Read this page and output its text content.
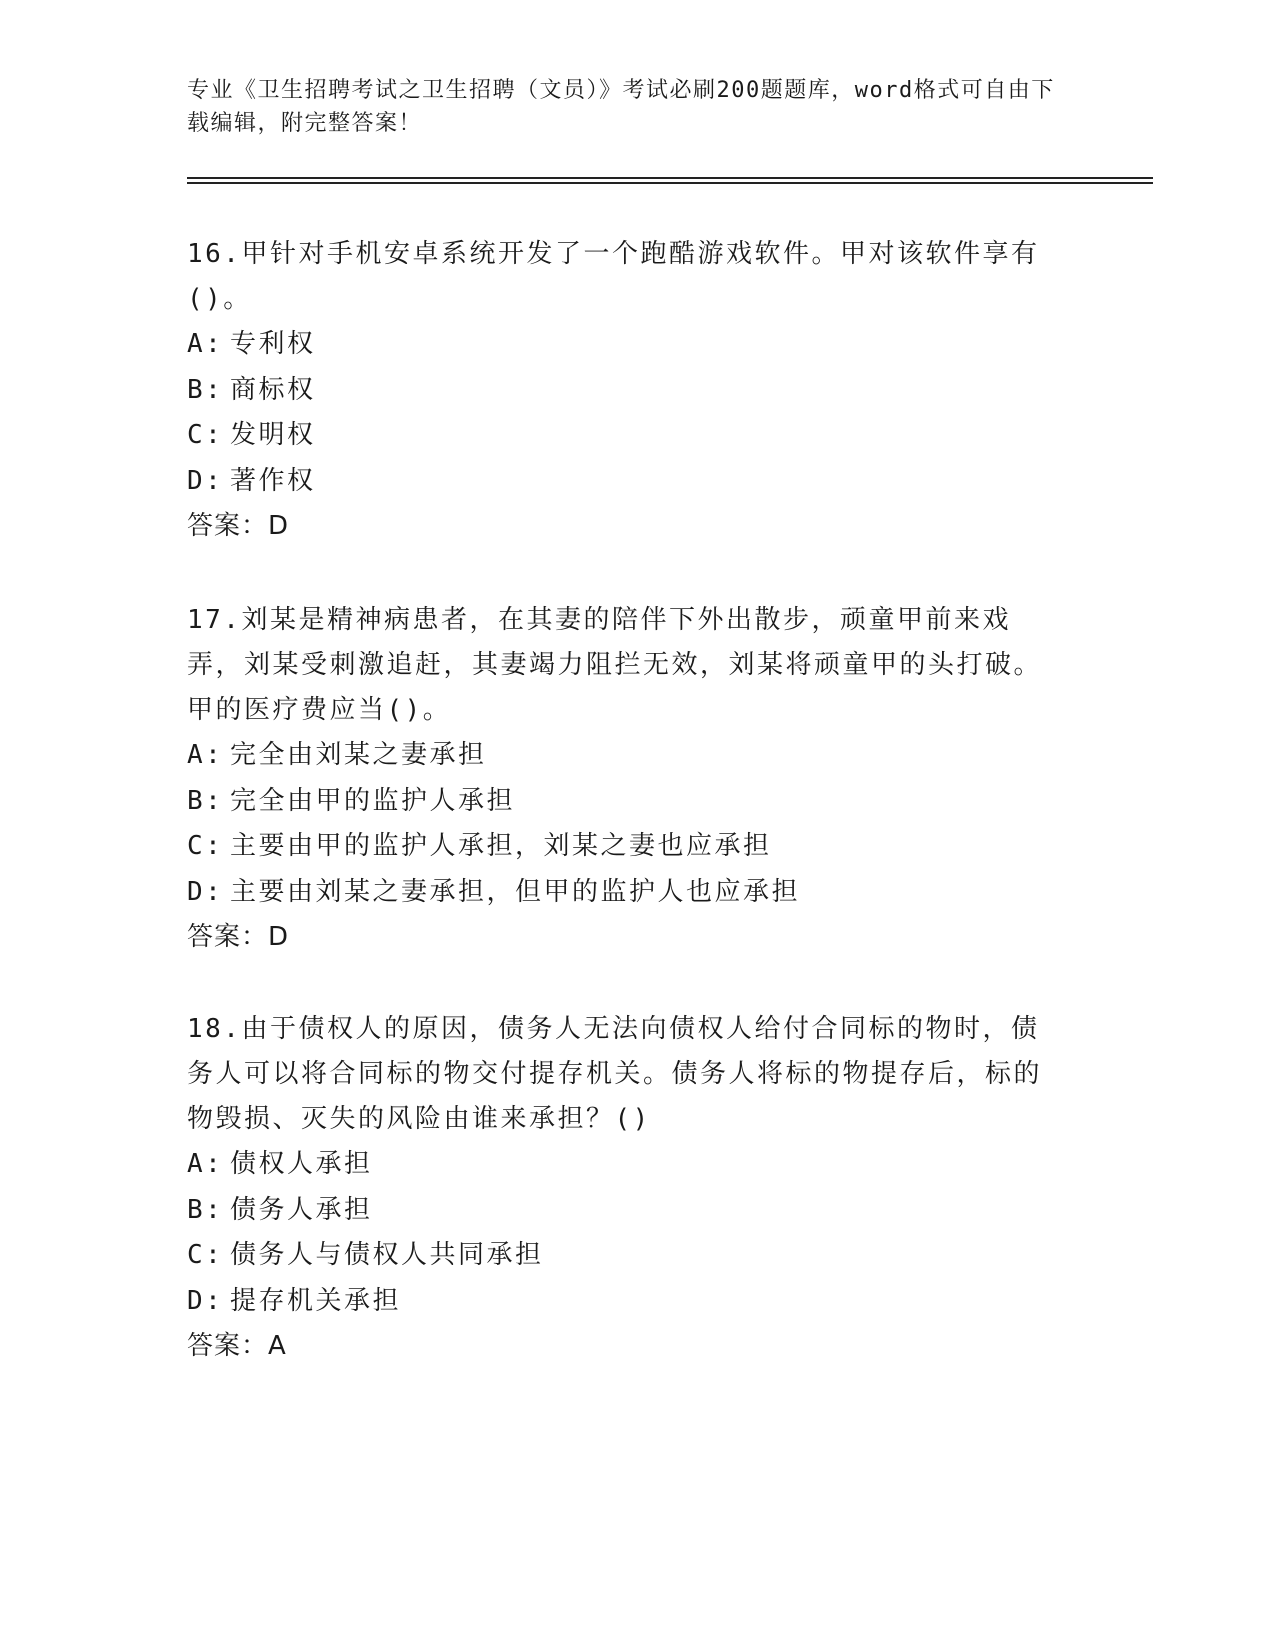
专业《卫生招聘考试之卫生招聘（文员）》考试必刷200题题库，word格式可自由下载编辑，附完整答案！

16.甲针对手机安卓系统开发了一个跑酷游戏软件。甲对该软件享有()。

A: 专利权

B: 商标权

C: 发明权

D: 著作权

答案：D

17.刘某是精神病患者，在其妻的陪伴下外出散步，顽童甲前来戏弄，刘某受刺激追赶，其妻竭力阻拦无效，刘某将顽童甲的头打破。甲的医疗费应当()。

A: 完全由刘某之妻承担

B: 完全由甲的监护人承担

C: 主要由甲的监护人承担，刘某之妻也应承担

D: 主要由刘某之妻承担，但甲的监护人也应承担

答案：D

18.由于债权人的原因，债务人无法向债权人给付合同标的物时，债务人可以将合同标的物交付提存机关。债务人将标的物提存后，标的物毁损、灭失的风险由谁来承担？()

A: 债权人承担

B: 债务人承担

C: 债务人与债权人共同承担

D: 提存机关承担

答案：A
